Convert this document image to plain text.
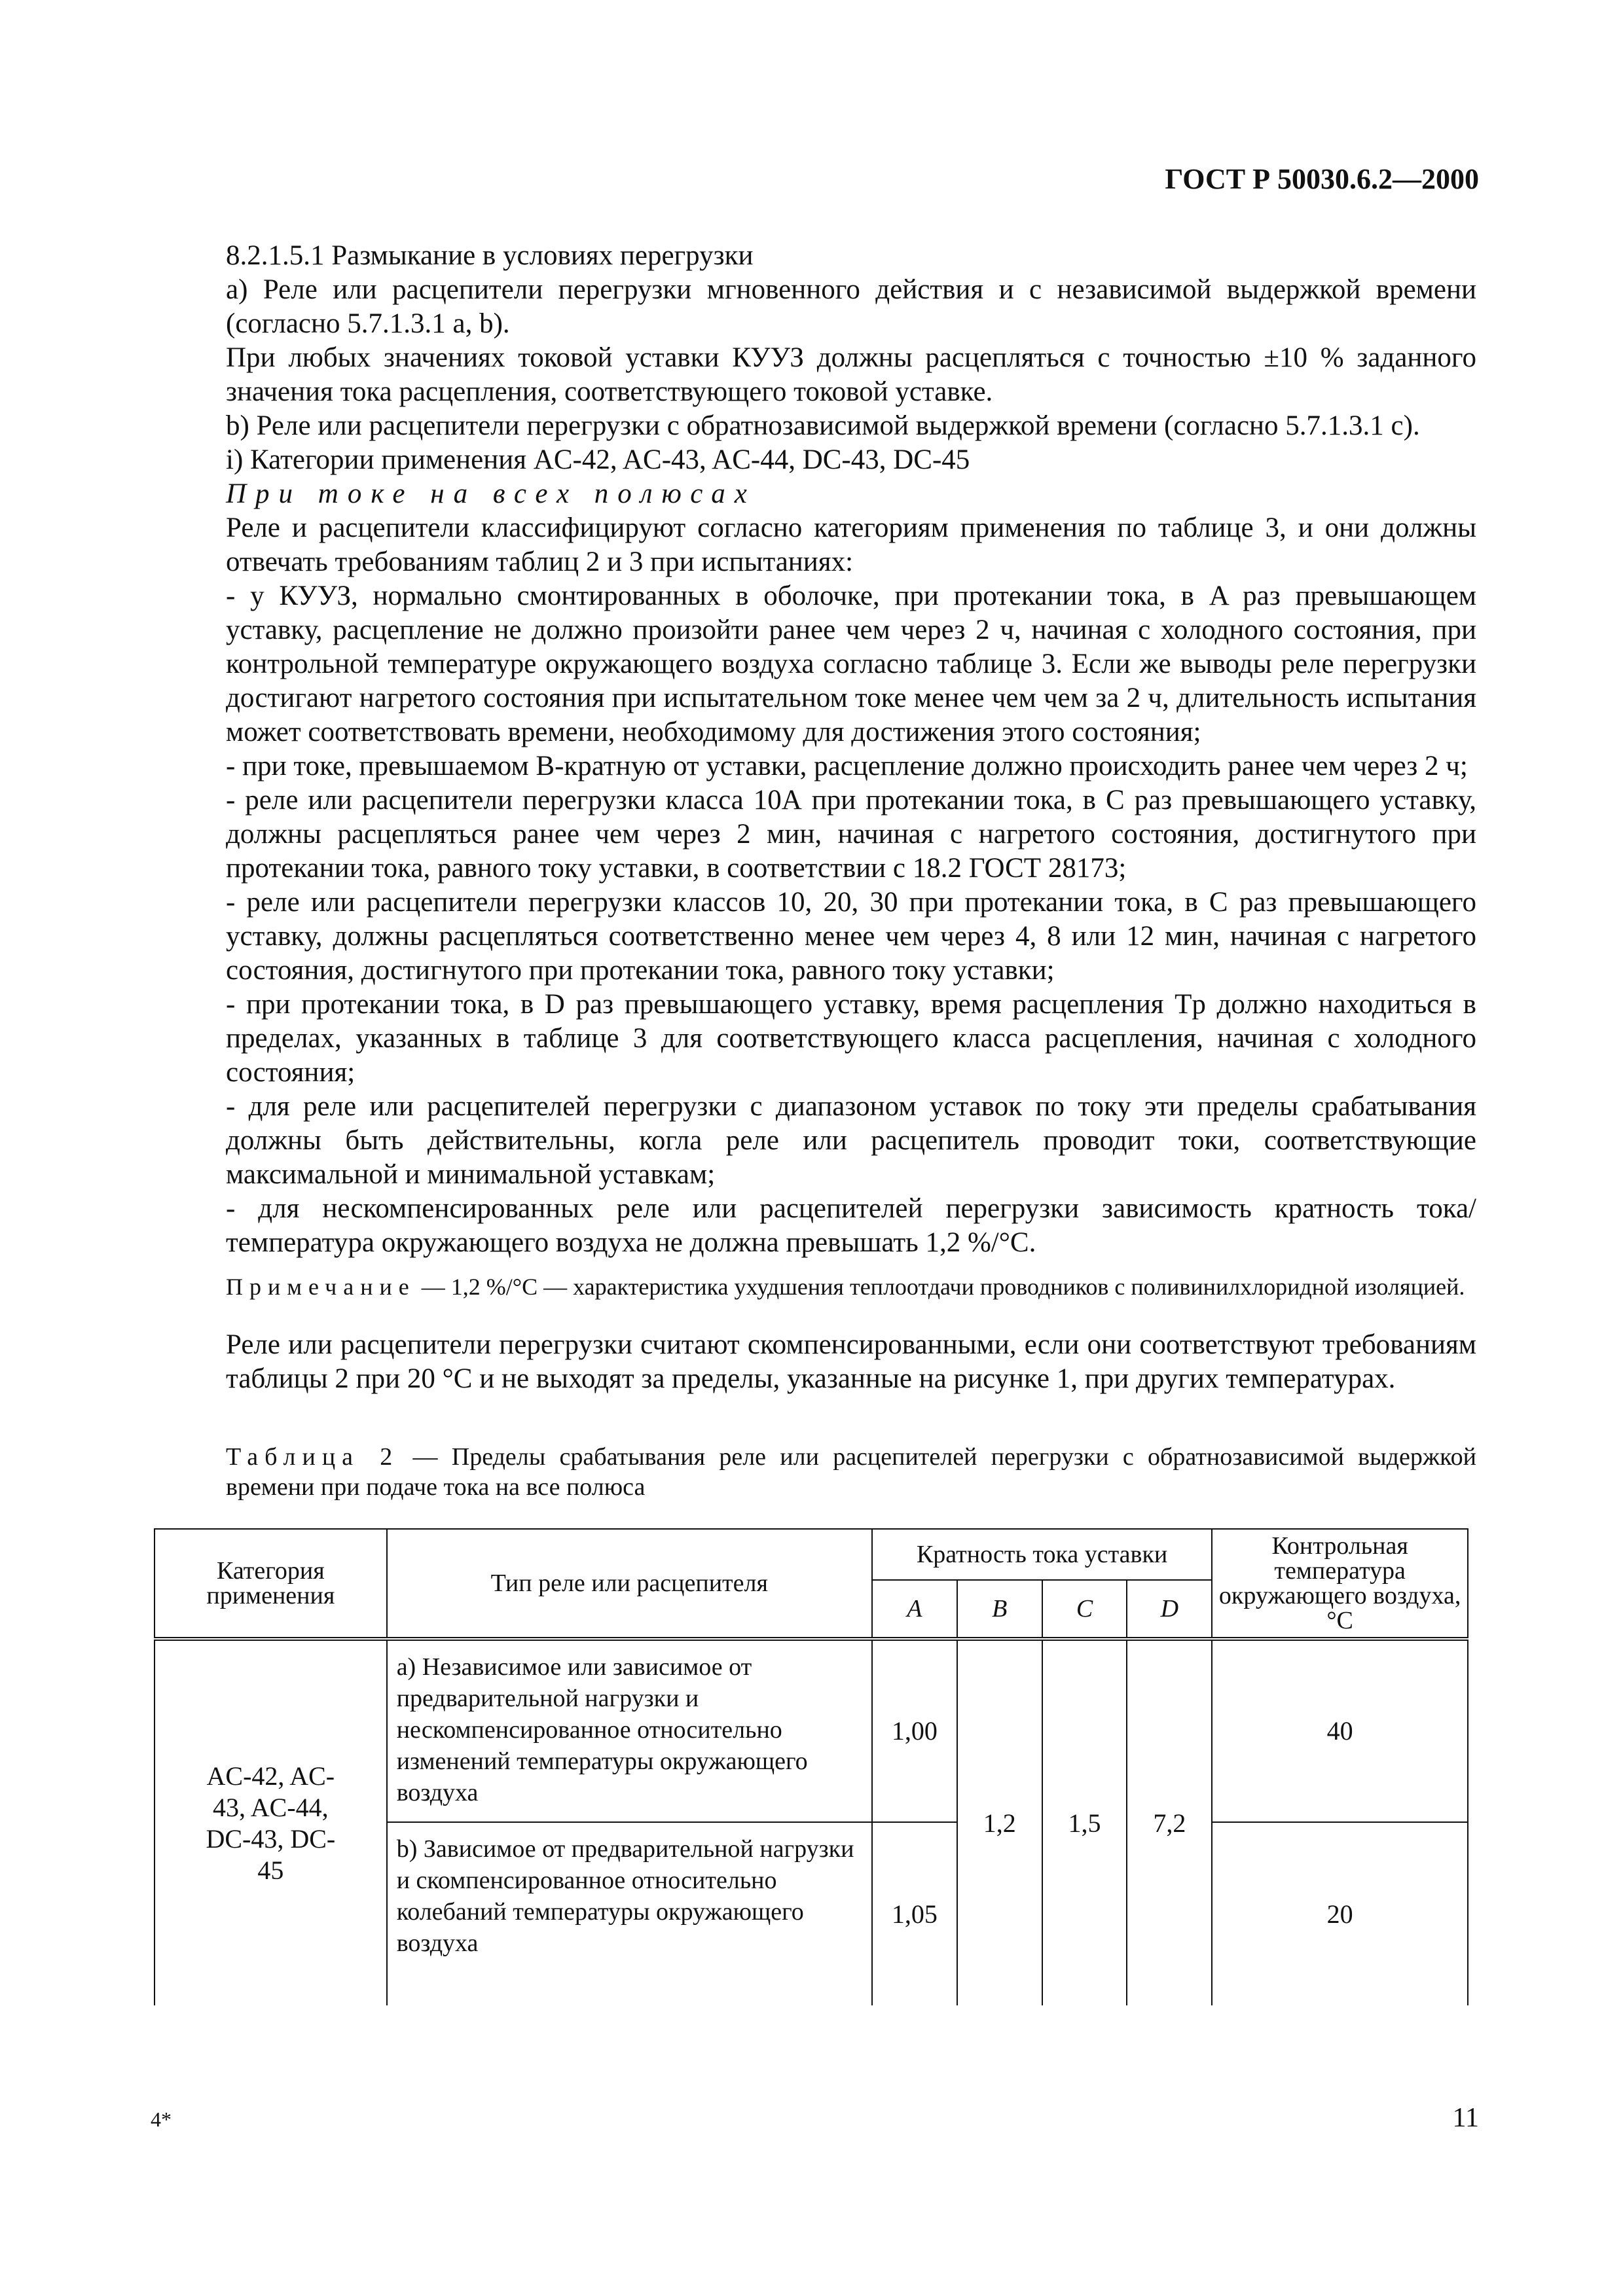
ГОСТ Р 50030.6.2—2000

8.2.1.5.1 Размыкание в условиях перегрузки

a) Реле или расцепители перегрузки мгновенного действия и с независимой выдержкой времени (согласно 5.7.1.3.1 a, b).

При любых значениях токовой уставки КУУЗ должны расцепляться с точностью ±10 % заданного значения тока расцепления, соответствующего токовой уставке.

b) Реле или расцепители перегрузки с обратнозависимой выдержкой времени (согласно 5.7.1.3.1 с).

i) Категории применения AC-42, AC-43, AC-44, DC-43, DC-45

При токе на всех полюсах

Реле и расцепители классифицируют согласно категориям применения по таблице 3, и они должны отвечать требованиям таблиц 2 и 3 при испытаниях:

- у КУУЗ, нормально смонтированных в оболочке, при протекании тока, в A раз превышающем уставку, расцепление не должно произойти ранее чем через 2 ч, начиная с холодного состояния, при контрольной температуре окружающего воздуха согласно таблице 3. Если же выводы реле перегрузки достигают нагретого состояния при испытательном токе менее чем чем за 2 ч, длительность испытания может соответствовать времени, необходимому для достижения этого состояния;

- при токе, превышаемом B-кратную от уставки, расцепление должно происходить ранее чем через 2 ч;

- реле или расцепители перегрузки класса 10А при протекании тока, в С раз превышающего уставку, должны расцепляться ранее чем через 2 мин, начиная с нагретого состояния, достигнутого при протекании тока, равного току уставки, в соответствии с 18.2 ГОСТ 28173;

- реле или расцепители перегрузки классов 10, 20, 30 при протекании тока, в С раз превышающего уставку, должны расцепляться соответственно менее чем через 4, 8 или 12 мин, начиная с нагретого состояния, достигнутого при протекании тока, равного току уставки;

- при протекании тока, в D раз превышающего уставку, время расцепления Tр должно находиться в пределах, указанных в таблице 3 для соответствующего класса расцепления, начиная с холодного состояния;

- для реле или расцепителей перегрузки с диапазоном уставок по току эти пределы срабатывания должны быть действительны, когла реле или расцепитель проводит токи, соответствующие максимальной и минимальной уставкам;

- для нескомпенсированных реле или расцепителей перегрузки зависимость кратность тока/температура окружающего воздуха не должна превышать 1,2 %/°С.

Примечание — 1,2 %/°С — характеристика ухудшения теплоотдачи проводников с поливинилхлоридной изоляцией.

Реле или расцепители перегрузки считают скомпенсированными, если они соответствуют требованиям таблицы 2 при 20 °С и не выходят за пределы, указанные на рисунке 1, при других температурах.

Таблица 2 — Пределы срабатывания реле или расцепителей перегрузки с обратнозависимой выдержкой времени при подаче тока на все полюса

Категория применения	Тип реле или расцепителя	Кратность тока уставки				Контрольная температура окружающего воздуха, °С
		A	B	C	D	
AC-42, AC-43, AC-44, DC-43, DC-45	a) Независимое или зависимое от предварительной нагрузки и нескомпенсированное относительно изменений температуры окружающего воздуха	1,00	1,2	1,5	7,2	40
	b) Зависимое от предварительной нагрузки и скомпенсированное относительно колебаний температуры окружающего воздуха	1,05				20
4*	11
